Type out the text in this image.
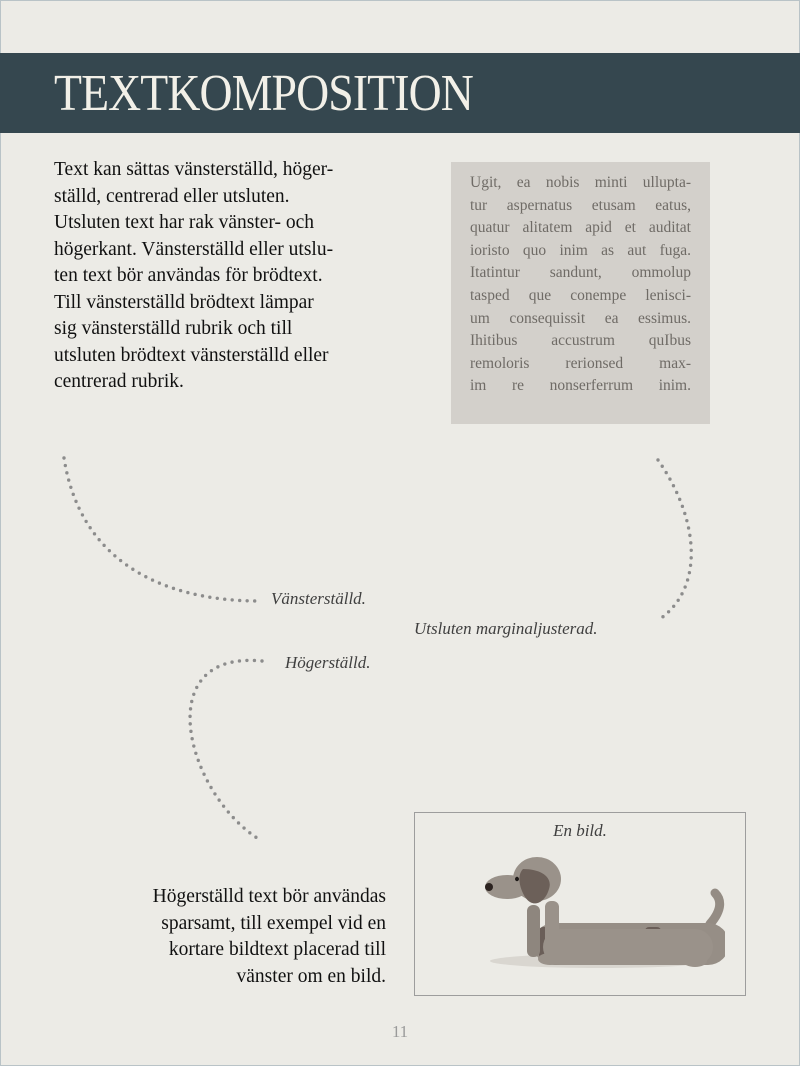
TEXTKOMPOSITION

Text kan sättas vänsterställd, höger-
ställd, centrerad eller utsluten.
Utsluten text har rak vänster- och
högerkant. Vänsterställd eller utslu-
ten text bör användas för brödtext.
Till vänsterställd brödtext lämpar
sig vänsterställd rubrik och till
utsluten brödtext vänsterställd eller
centrerad rubrik.

Ugit, ea nobis minti ullupta-
tur aspernatus etusam eatus,
quatur alitatem apid et auditat
ioristo quo inim as aut fuga.
Itatintur sandunt, ommolup
tasped que conempe lenisci-
um consequissit ea essimus.
Ihitibus accustrum quIbus
remoloris rerionsed max-
im re nonserferrum inim.

Vänsterställd.

Utsluten marginaljusterad.

Högerställd.

Högerställd text bör användas
sparsamt, till exempel vid en
kortare bildtext placerad till
vänster om en bild.

En bild.

11
